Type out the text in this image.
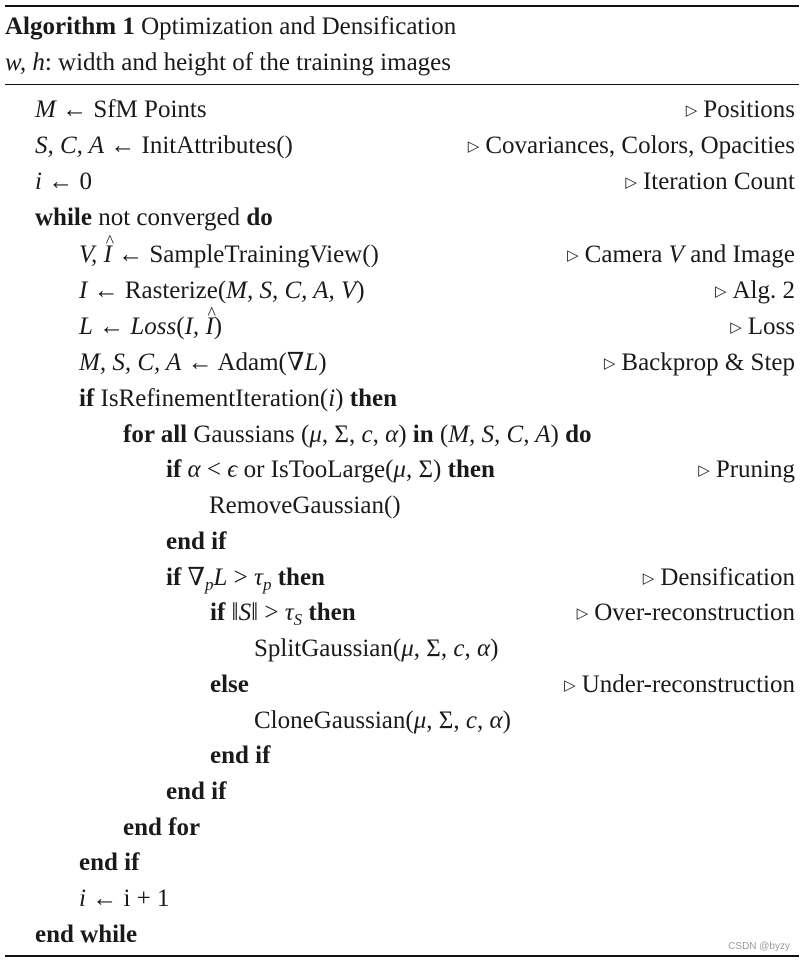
Algorithm 1 Optimization and Densification
w, h: width and height of the training images
M ← SfM Points	▷ Positions
S, C, A ← InitAttributes()	▷ Covariances, Colors, Opacities
i ← 0	▷ Iteration Count
while not converged do
V, ^ I ← SampleTrainingView()	▷ Camera V and Image
I ← Rasterize(M, S, C, A, V)	▷ Alg. 2
L ← Loss(I, ^ I)	▷ Loss
M, S, C, A ← Adam(∇L)	▷ Backprop & Step
if IsRefinementIteration(i) then
for all Gaussians (μ, Σ, c, α) in (M, S, C, A) do
if α < ϵ or IsTooLarge(μ, Σ) then	▷ Pruning
RemoveGaussian()
end if
if $\nabla_pL > \tau_p$ then	▷ Densification
if ‖S‖ > $\tau_S$ then	▷ Over-reconstruction
SplitGaussian(μ, Σ, c, α)
else	▷ Under-reconstruction
CloneGaussian(μ, Σ, c, α)
end if
end if
end for
end if
i ← i + 1
end while	CSDN @byzy
